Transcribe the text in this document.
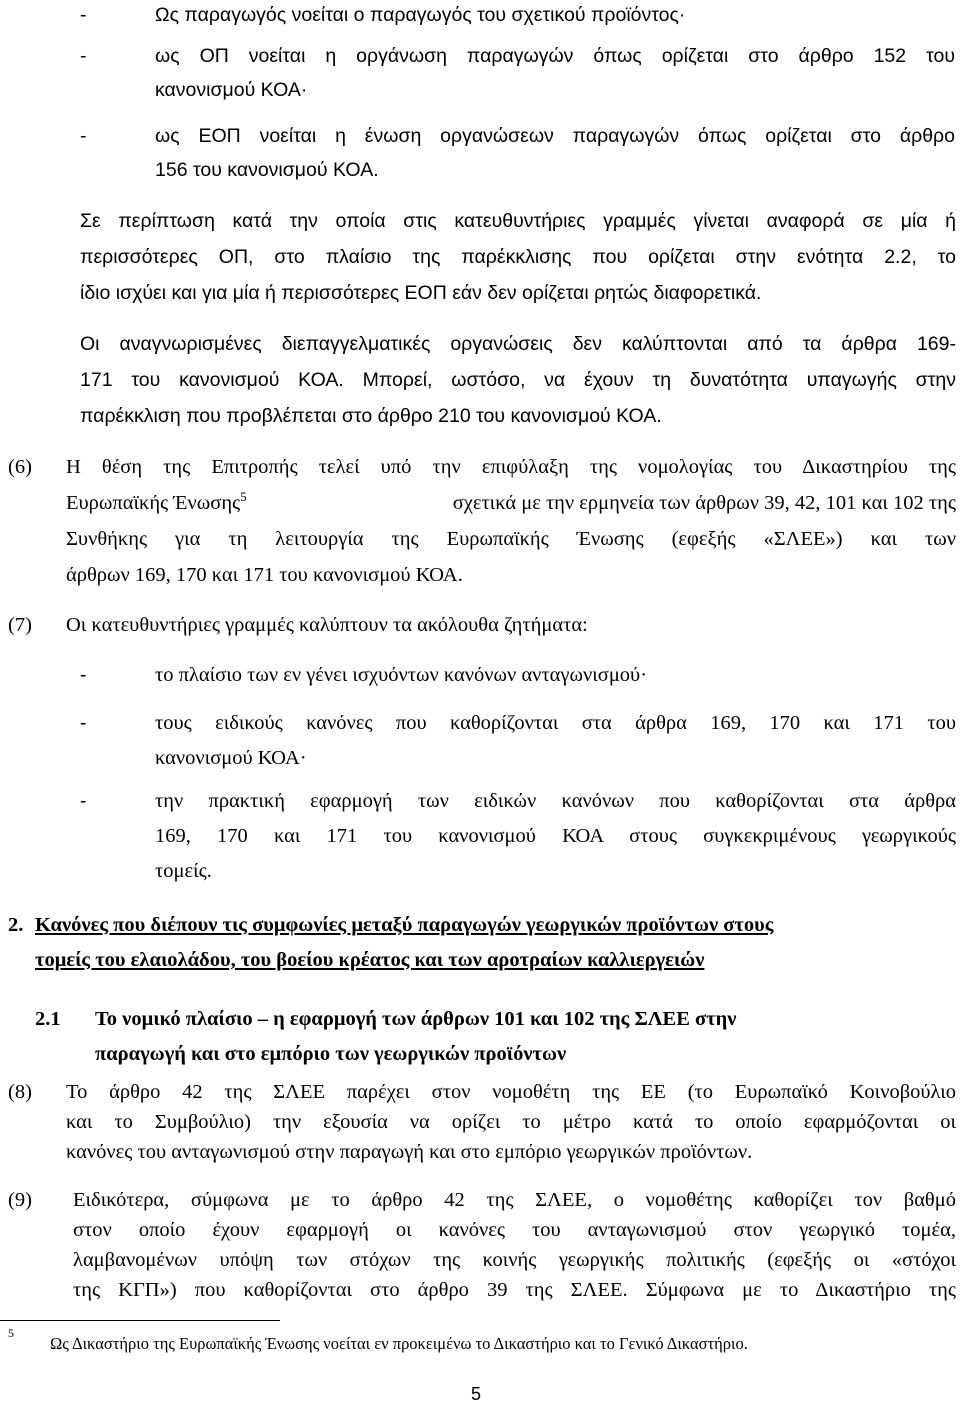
-	Ως παραγωγός νοείται ο παραγωγός του σχετικού προϊόντος·
-	ως ΟΠ νοείται η οργάνωση παραγωγών όπως ορίζεται στο άρθρο 152 του
κανονισμού ΚΟΑ·
-	ως ΕΟΠ νοείται η ένωση οργανώσεων παραγωγών όπως ορίζεται στο άρθρο
156 του κανονισμού ΚΟΑ.
Σε περίπτωση κατά την οποία στις κατευθυντήριες γραμμές γίνεται αναφορά σε μία ή
περισσότερες ΟΠ, στο πλαίσιο της παρέκκλισης που ορίζεται στην ενότητα 2.2, το
ίδιο ισχύει και για μία ή περισσότερες ΕΟΠ εάν δεν ορίζεται ρητώς διαφορετικά.
Οι αναγνωρισμένες διεπαγγελματικές οργανώσεις δεν καλύπτονται από τα άρθρα 169-
171 του κανονισμού ΚΟΑ. Μπορεί, ωστόσο, να έχουν τη δυνατότητα υπαγωγής στην
παρέκκλιση που προβλέπεται στο άρθρο 210 του κανονισμού ΚΟΑ.
(6) Η θέση της Επιτροπής τελεί υπό την επιφύλαξη της νομολογίας του Δικαστηρίου της
Ευρωπαϊκής Ένωσης$^5$	σχετικά με την ερμηνεία των άρθρων 39, 42, 101 και 102 της
Συνθήκης για τη λειτουργία της Ευρωπαϊκής Ένωσης (εφεξής «ΣΛΕΕ») και των
άρθρων 169, 170 και 171 του κανονισμού ΚΟΑ.
(7) Οι κατευθυντήριες γραμμές καλύπτουν τα ακόλουθα ζητήματα:
-	το πλαίσιο των εν γένει ισχυόντων κανόνων ανταγωνισμού·
-	τους ειδικούς κανόνες που καθορίζονται στα άρθρα 169, 170 και 171 του
κανονισμού ΚΟΑ·
-	την πρακτική εφαρμογή των ειδικών κανόνων που καθορίζονται στα άρθρα
169, 170 και 171 του κανονισμού ΚΟΑ στους συγκεκριμένους γεωργικούς
τομείς.
2. Κανόνες που διέπουν τις συμφωνίες μεταξύ παραγωγών γεωργικών προϊόντων στους
τομείς του ελαιολάδου, του βοείου κρέατος και των αροτραίων καλλιεργειών
2.1 Το νομικό πλαίσιο – η εφαρμογή των άρθρων 101 και 102 της ΣΛΕΕ στην
παραγωγή και στο εμπόριο των γεωργικών προϊόντων
(8) Το άρθρο 42 της ΣΛΕΕ παρέχει στον νομοθέτη της ΕΕ (το Ευρωπαϊκό Κοινοβούλιο
και το Συμβούλιο) την εξουσία να ορίζει το μέτρο κατά το οποίο εφαρμόζονται οι
κανόνες του ανταγωνισμού στην παραγωγή και στο εμπόριο γεωργικών προϊόντων.
(9) Ειδικότερα, σύμφωνα με το άρθρο 42 της ΣΛΕΕ, ο νομοθέτης καθορίζει τον βαθμό
στον οποίο έχουν εφαρμογή οι κανόνες του ανταγωνισμού στον γεωργικό τομέα,
λαμβανομένων υπόψη των στόχων της κοινής γεωργικής πολιτικής (εφεξής οι «στόχοι
της ΚΓΠ») που καθορίζονται στο άρθρο 39 της ΣΛΕΕ. Σύμφωνα με το Δικαστήριο της
5
Ως Δικαστήριο της Ευρωπαϊκής Ένωσης νοείται εν προκειμένω το Δικαστήριο και το Γενικό Δικαστήριο.
5
